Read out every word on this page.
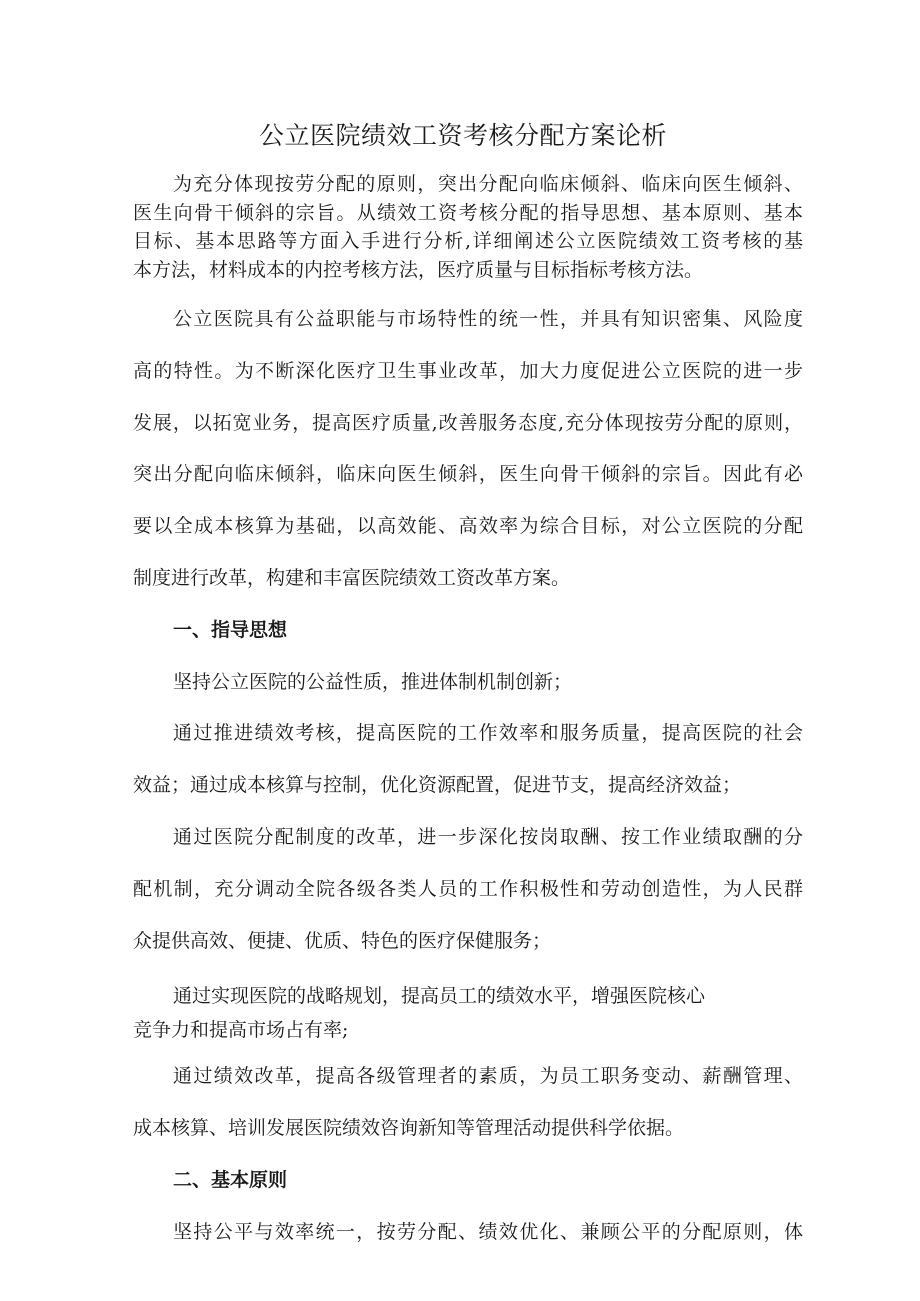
公立医院绩效工资考核分配方案论析
为充分体现按劳分配的原则，突出分配向临床倾斜、临床向医生倾斜、
医生向骨干倾斜的宗旨。从绩效工资考核分配的指导思想、基本原则、基本
目标、基本思路等方面入手进行分析,详细阐述公立医院绩效工资考核的基
本方法，材料成本的内控考核方法，医疗质量与目标指标考核方法。
公立医院具有公益职能与市场特性的统一性，并具有知识密集、风险度
高的特性。为不断深化医疗卫生事业改革，加大力度促进公立医院的进一步
发展，以拓宽业务，提高医疗质量,改善服务态度,充分体现按劳分配的原则，
突出分配向临床倾斜，临床向医生倾斜，医生向骨干倾斜的宗旨。因此有必
要以全成本核算为基础，以高效能、高效率为综合目标，对公立医院的分配
制度进行改革，构建和丰富医院绩效工资改革方案。
一、指导思想
坚持公立医院的公益性质，推进体制机制创新；
通过推进绩效考核，提高医院的工作效率和服务质量，提高医院的社会
效益；通过成本核算与控制，优化资源配置，促进节支，提高经济效益；
通过医院分配制度的改革，进一步深化按岗取酬、按工作业绩取酬的分
配机制，充分调动全院各级各类人员的工作积极性和劳动创造性，为人民群
众提供高效、便捷、优质、特色的医疗保健服务；
通过实现医院的战略规划，提高员工的绩效水平，增强医院核心
竞争力和提高市场占有率;
通过绩效改革，提高各级管理者的素质，为员工职务变动、薪酬管理、
成本核算、培训发展医院绩效咨询新知等管理活动提供科学依据。
二、基本原则
坚持公平与效率统一，按劳分配、绩效优化、兼顾公平的分配原则，体
